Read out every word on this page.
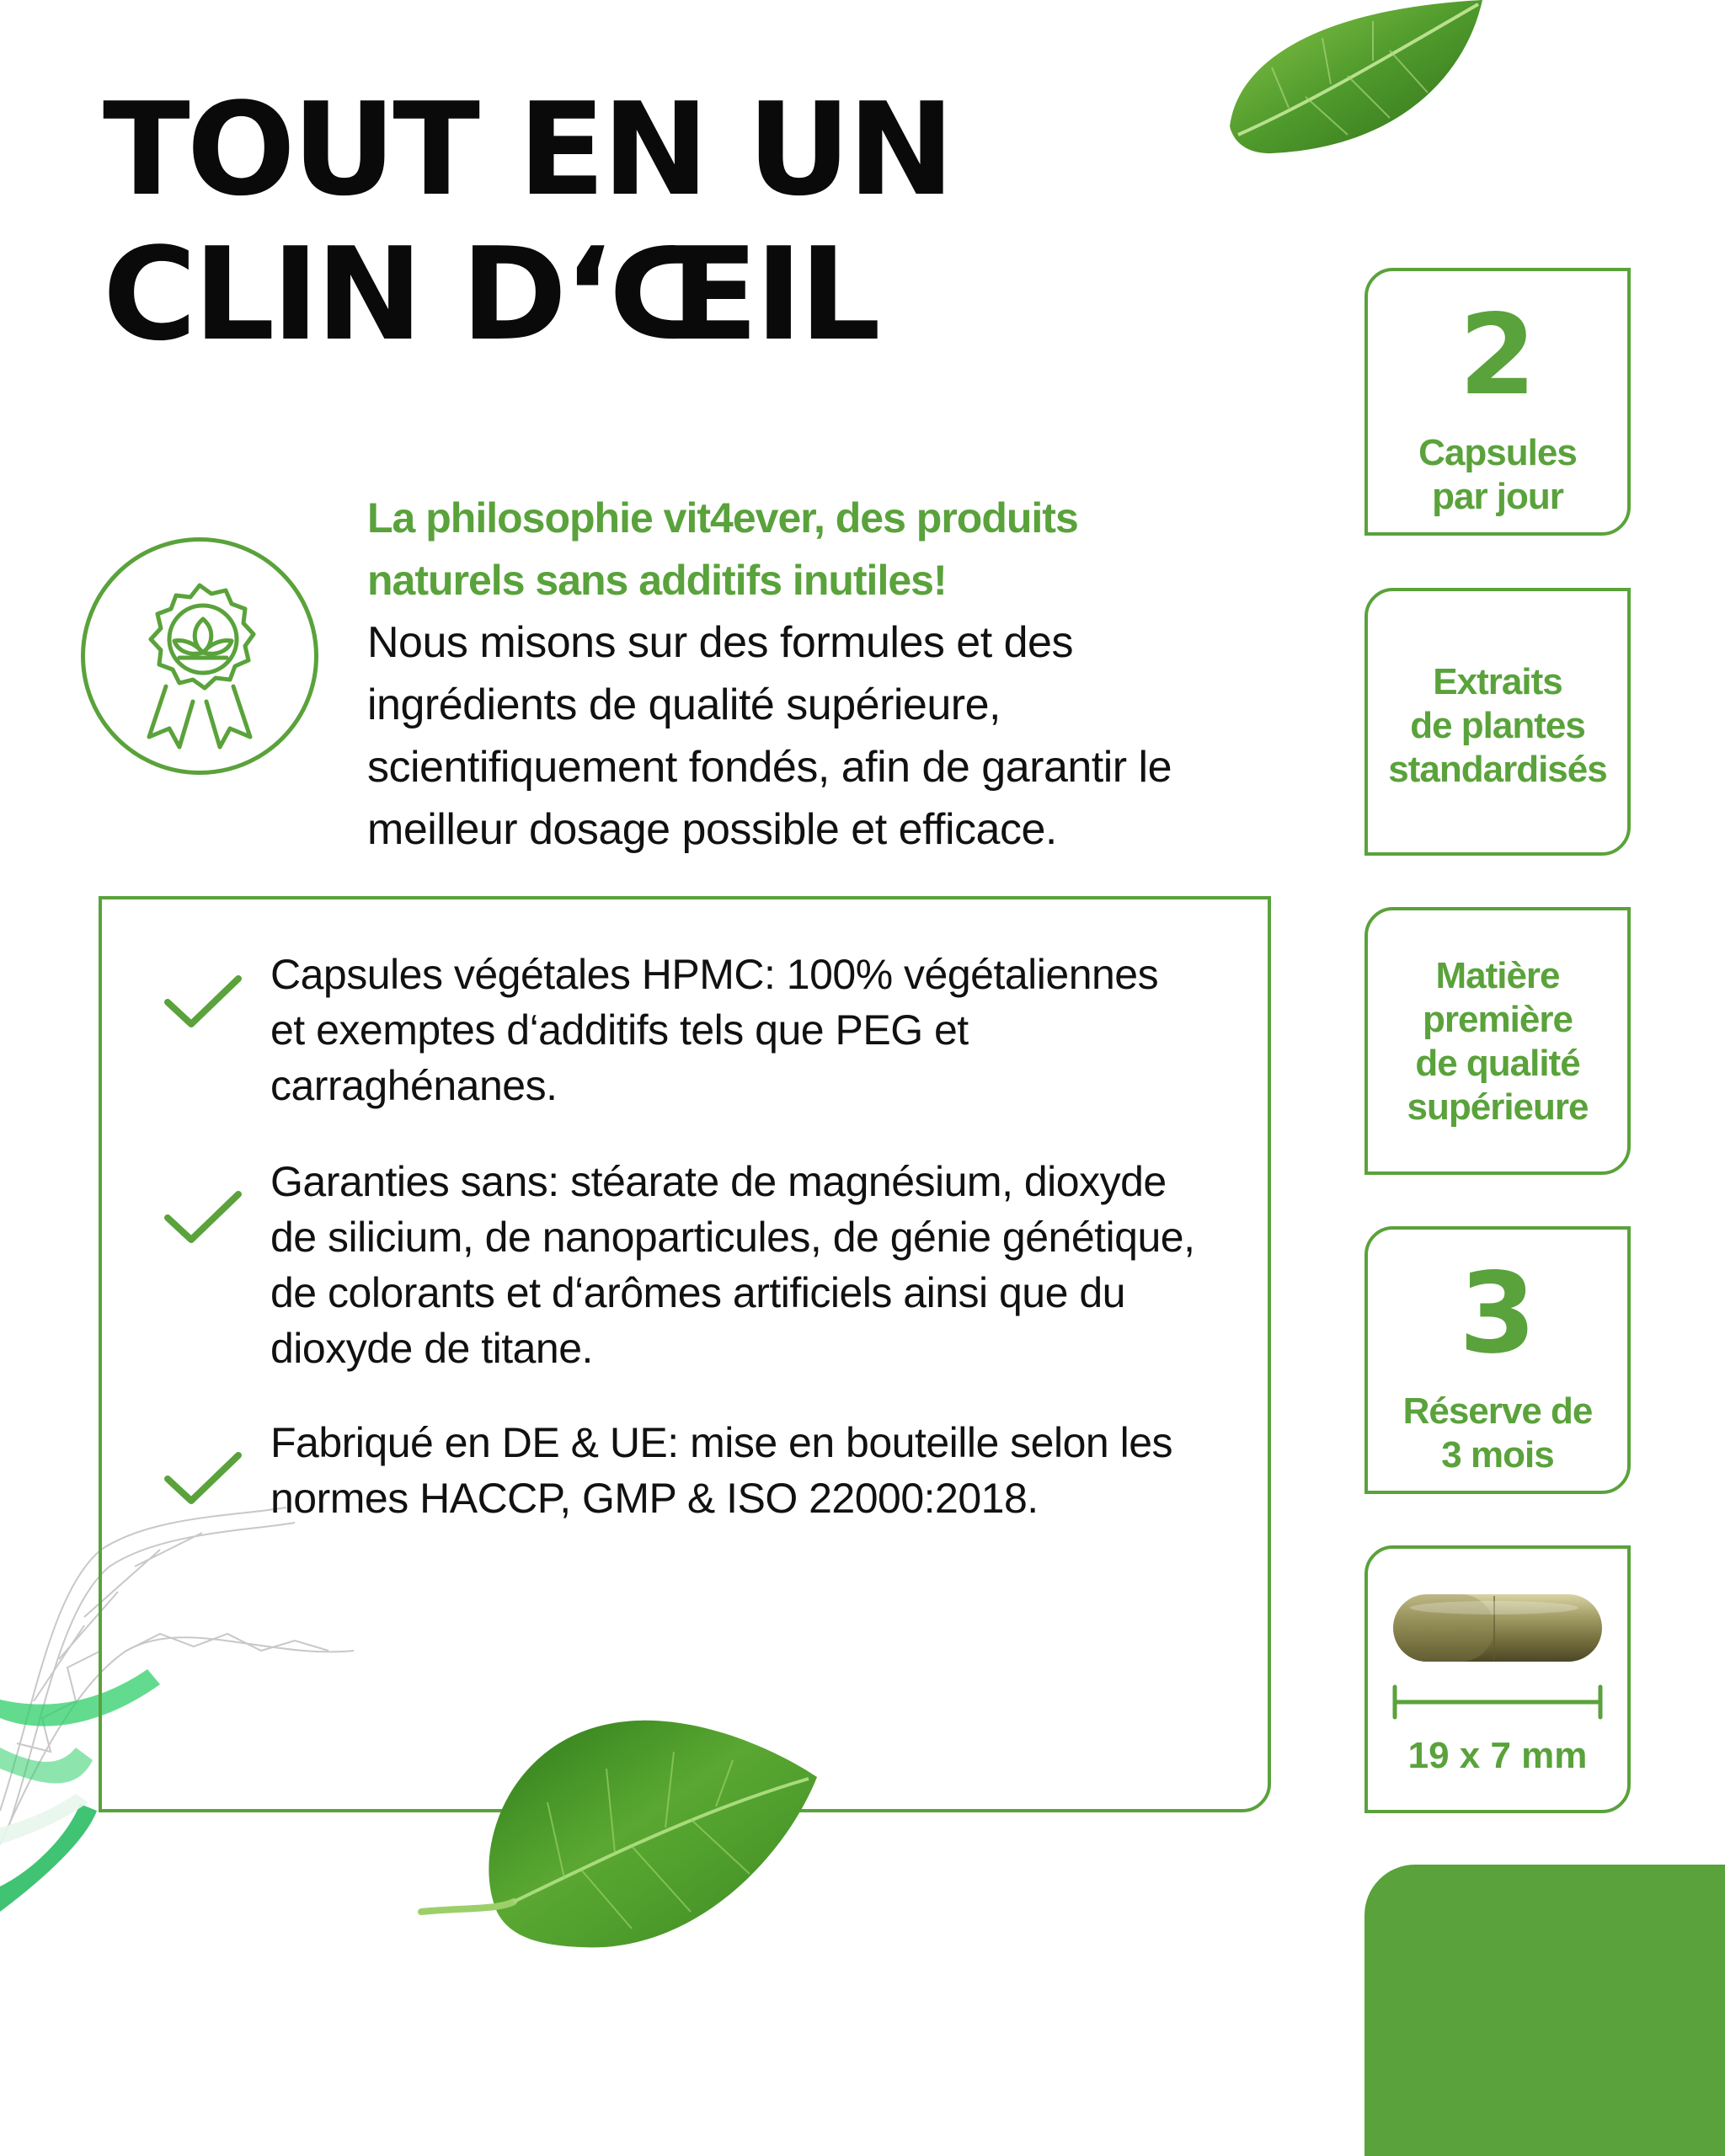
TOUT EN UN
CLIN D‘ŒIL
La philosophie vit4ever, des produits
naturels sans additifs inutiles!
Nous misons sur des formules et des
ingrédients de qualité supérieure,
scientifiquement fondés, afin de garantir le
meilleur dosage possible et efficace.
Capsules végétales HPMC: 100% végétaliennes
et exemptes d‘additifs tels que PEG et
carraghénanes.
Garanties sans: stéarate de magnésium, dioxyde
de silicium, de nanoparticules, de génie génétique,
de colorants et d‘arômes artificiels ainsi que du
dioxyde de titane.
Fabriqué en DE & UE: mise en bouteille selon les
normes HACCP, GMP & ISO 22000:2018.
2
Capsules
par jour
Extraits
de plantes
standardisés
Matière
première
de qualité
supérieure
3
Réserve de
3 mois
19 x 7 mm
